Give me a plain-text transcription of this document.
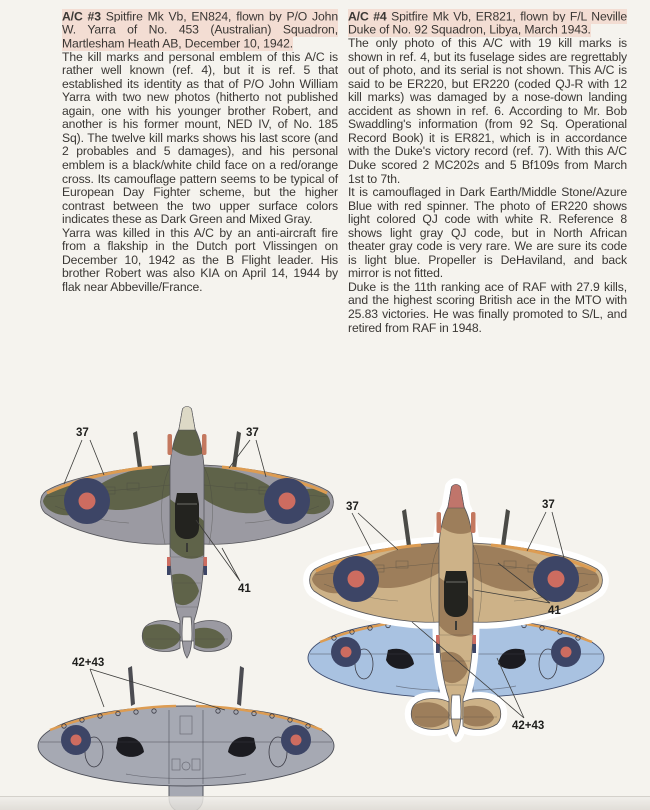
A/C #3 Spitfire Mk Vb, EN824, flown by P/O John W. Yarra of No. 453 (Australian) Squadron, Martlesham Heath AB, December 10, 1942.

The kill marks and personal emblem of this A/C is rather well known (ref. 4), but it is ref. 5 that established its identity as that of P/O John William Yarra with two new photos (hitherto not published again, one with his younger brother Robert, and another is his former mount, NED IV, of No. 185 Sq). The twelve kill marks shows his last score (and 2 probables and 5 damages), and his personal emblem is a black/white child face on a red/orange cross. Its camouflage pattern seems to be typical of European Day Fighter scheme, but the higher contrast between the two upper surface colors indicates these as Dark Green and Mixed Gray.

Yarra was killed in this A/C by an anti-aircraft fire from a flakship in the Dutch port Vlissingen on December 10, 1942 as the B Flight leader. His brother Robert was also KIA on April 14, 1944 by flak near Abbeville/France.

A/C #4 Spitfire Mk Vb, ER821, flown by F/L Neville Duke of No. 92 Squadron, Libya, March 1943.

The only photo of this A/C with 19 kill marks is shown in ref. 4, but its fuselage sides are regrettably out of photo, and its serial is not shown. This A/C is said to be ER220, but ER220 (coded QJ-R with 12 kill marks) was damaged by a nose-down landing accident as shown in ref. 6. According to Mr. Bob Swaddling's information (from 92 Sq. Operational Record Book) it is ER821, which is in accordance with the Duke's victory record (ref. 7). With this A/C Duke scored 2 MC202s and 5 Bf109s from March 1st to 7th.

It is camouflaged in Dark Earth/Middle Stone/Azure Blue with red spinner. The photo of ER220 shows light colored QJ code with white R. Reference 8 shows light gray QJ code, but in North African theater gray code is very rare. We are sure its code is light blue. Propeller is DeHaviland, and back mirror is not fitted.

Duke is the 11th ranking ace of RAF with 27.9 kills, and the highest scoring British ace in the MTO with 25.83 victories. He was finally promoted to S/L, and retired from RAF in 1948.

37	37
41
42+43
37	37
41
42+43
